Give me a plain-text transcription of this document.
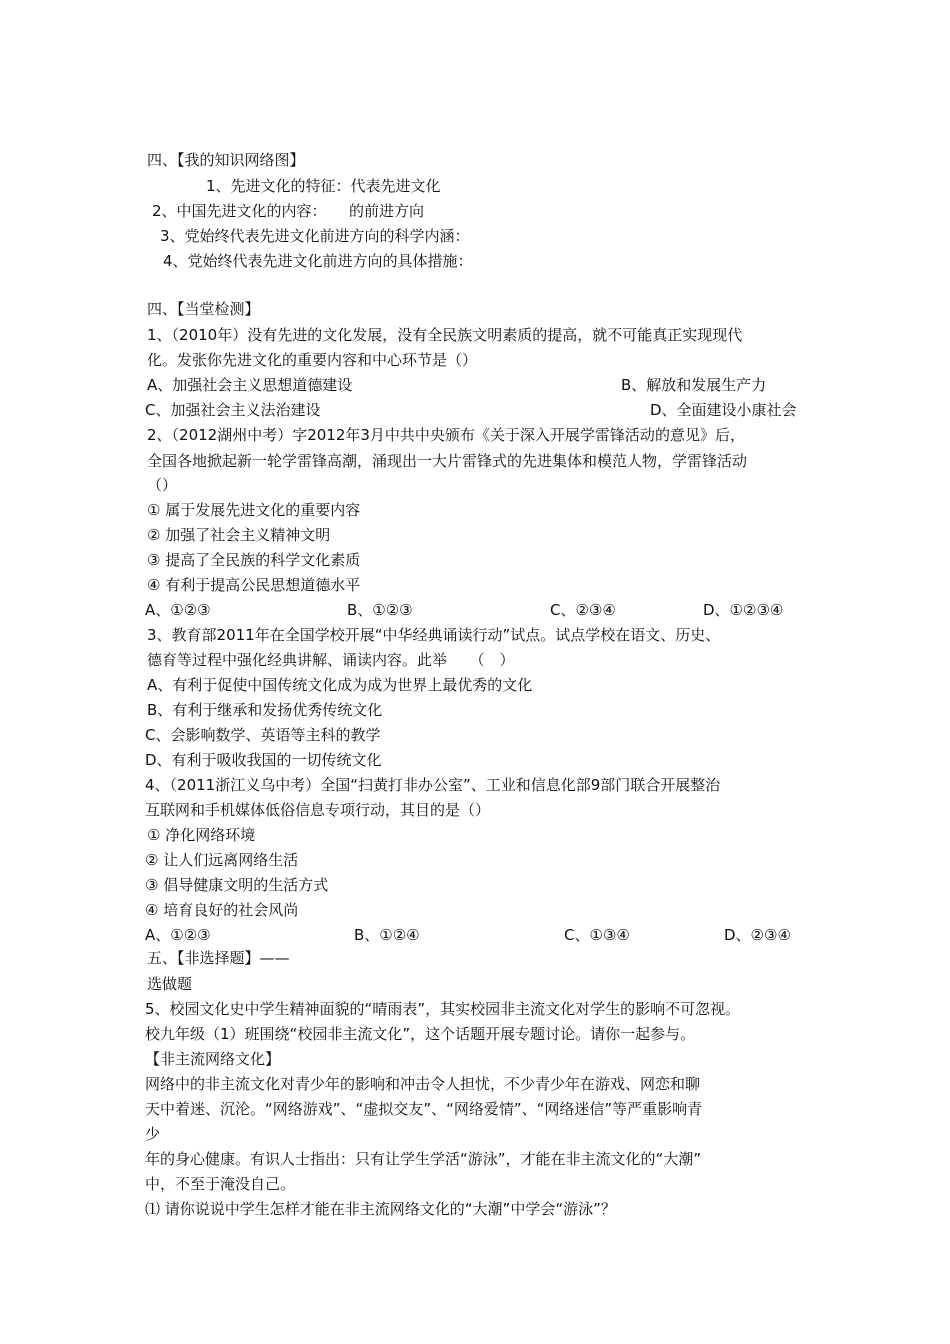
四、【我的知识网络图】
1、先进文化的特征：代表先进文化
2、中国先进文化的内容：　　的前进方向
3、党始终代表先进文化前进方向的科学内涵：
4、党始终代表先进文化前进方向的具体措施：
四、【当堂检测】
1、（2010年）没有先进的文化发展，没有全民族文明素质的提高，就不可能真正实现现代
化。发张你先进文化的重要内容和中心环节是（）
A、加强社会主义思想道德建设	B、解放和发展生产力
C、加强社会主义法治建设	D、全面建设小康社会
2、（2012湖州中考）字2012年3月中共中央颁布《关于深入开展学雷锋活动的意见》后，
全国各地掀起新一轮学雷锋高潮，涌现出一大片雷锋式的先进集体和模范人物，学雷锋活动
（）
① 属于发展先进文化的重要内容
② 加强了社会主义精神文明
③ 提高了全民族的科学文化素质
④ 有利于提高公民思想道德水平
A、①②③	B、①②③	C、②③④	D、①②③④
3、教育部2011年在全国学校开展“中华经典诵读行动”试点。试点学校在语文、历史、
德育等过程中强化经典讲解、诵读内容。此举　　（　）
A、有利于促使中国传统文化成为成为世界上最优秀的文化
B、有利于继承和发扬优秀传统文化
C、会影响数学、英语等主科的教学
D、有利于吸收我国的一切传统文化
4、（2011浙江义乌中考）全国“扫黄打非办公室”、工业和信息化部9部门联合开展整治
互联网和手机媒体低俗信息专项行动，其目的是（）
① 净化网络环境
② 让人们远离网络生活
③ 倡导健康文明的生活方式
④ 培育良好的社会风尚
A、①②③	B、①②④	C、①③④	D、②③④
五、【非选择题】——
选做题
5、校园文化史中学生精神面貌的“晴雨表”，其实校园非主流文化对学生的影响不可忽视。
校九年级（1）班围绕“校园非主流文化”，这个话题开展专题讨论。请你一起参与。
【非主流网络文化】
网络中的非主流文化对青少年的影响和冲击令人担忧，不少青少年在游戏、网恋和聊
天中着迷、沉沦。“网络游戏”、“虚拟交友”、“网络爱情”、“网络迷信”等严重影响青
少
年的身心健康。有识人士指出：只有让学生学活“游泳”，才能在非主流文化的“大潮”
中，不至于淹没自己。
⑴ 请你说说中学生怎样才能在非主流网络文化的“大潮”中学会“游泳”？
